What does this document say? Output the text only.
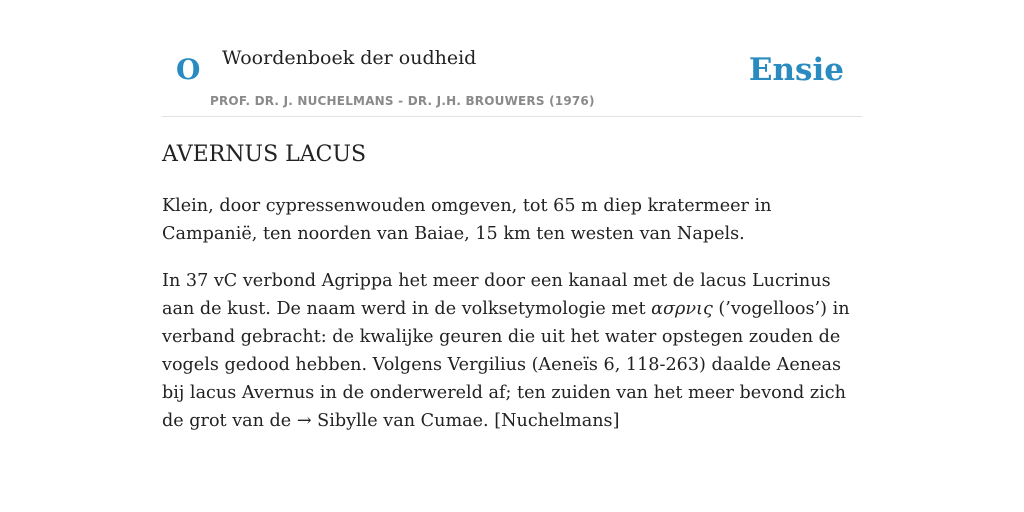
O Woordenboek der oudheid
PROF. DR. J. NUCHELMANS - DR. J.H. BROUWERS (1976)
Ensie
AVERNUS LACUS

Klein, door cypressenwouden omgeven, tot 65 m diep kratermeer in Campanië, ten noorden van Baiae, 15 km ten westen van Napels.

In 37 vC verbond Agrippa het meer door een kanaal met de lacus Lucrinus aan de kust. De naam werd in de volksetymologie met ασρνις (’vogelloos’) in verband gebracht: de kwalijke geuren die uit het water opstegen zouden de vogels gedood hebben. Volgens Vergilius (Aeneïs 6, 118-263) daalde Aeneas bij lacus Avernus in de onderwereld af; ten zuiden van het meer bevond zich de grot van de → Sibylle van Cumae. [Nuchelmans]
